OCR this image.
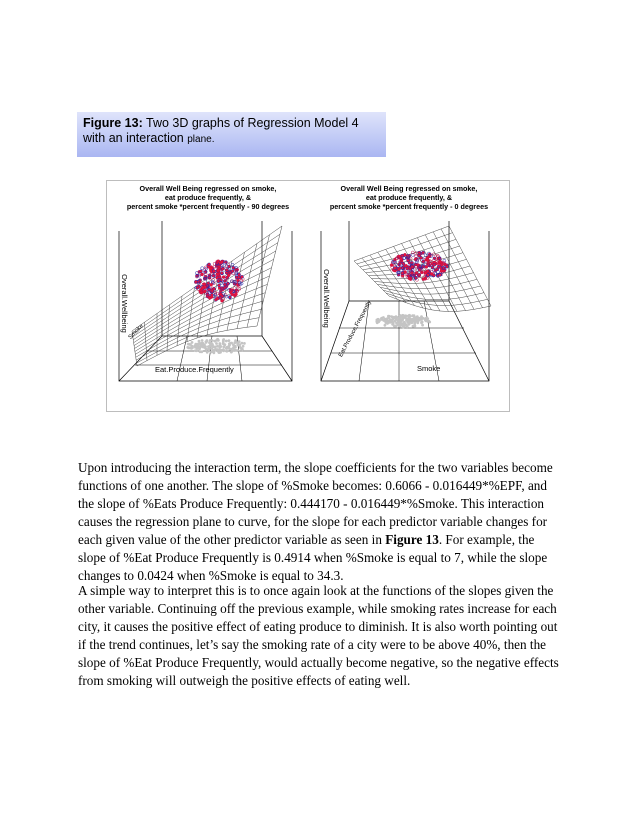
Figure 13: Two 3D graphs of Regression Model 4 with an interaction plane.
Overall Well Being regressed on smoke,
eat produce frequently, &
percent smoke *percent frequently - 90 degrees
Overall.Wellbeing
Eat.Produce.Frequently
Smoke
Overall Well Being regressed on smoke,
eat produce frequently, &
percent smoke *percent frequently - 0 degrees
Overall.Wellbeing
Smoke
Eat.Produce.Frequently

Upon introducing the interaction term, the slope coefficients for the two variables become functions of one another. The slope of %Smoke becomes: 0.6066 - 0.016449*%EPF, and the slope of %Eats Produce Frequently: 0.444170 - 0.016449*%Smoke. This interaction causes the regression plane to curve, for the slope for each predictor variable changes for each given value of the other predictor variable as seen in Figure 13. For example, the slope of %Eat Produce Frequently is 0.4914 when %Smoke is equal to 7, while the slope changes to 0.0424 when %Smoke is equal to 34.3.

A simple way to interpret this is to once again look at the functions of the slopes given the other variable. Continuing off the previous example, while smoking rates increase for each city, it causes the positive effect of eating produce to diminish. It is also worth pointing out if the trend continues, let’s say the smoking rate of a city were to be above 40%, then the slope of %Eat Produce Frequently, would actually become negative, so the negative effects from smoking will outweigh the positive effects of eating well.
